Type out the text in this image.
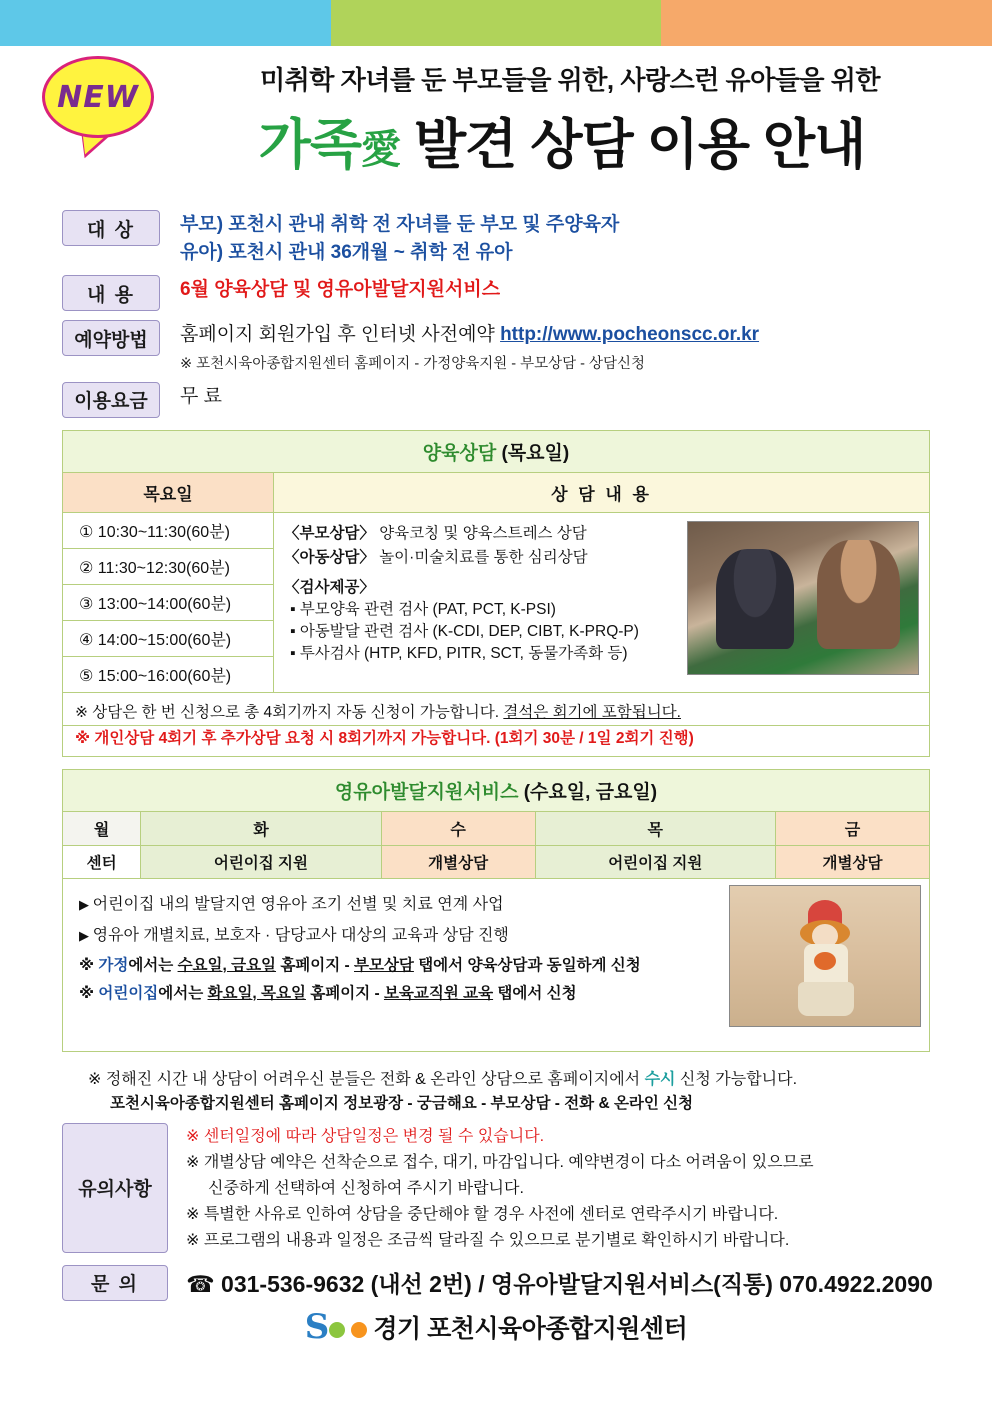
NEW	미취학 자녀를 둔 부모들을 위한, 사랑스런 유아들을 위한
가족愛 발견 상담 이용 안내
대 상	부모) 포천시 관내 취학 전 자녀를 둔 부모 및 주양육자
유아) 포천시 관내 36개월 ~ 취학 전 유아
내 용	6월 양육상담 및 영유아발달지원서비스
예약방법	홈페이지 회원가입 후 인터넷 사전예약 http://www.pocheonscc.or.kr
※ 포천시육아종합지원센터 홈페이지 - 가정양육지원 - 부모상담 - 상담신청
이용요금	무 료
양육상담 (목요일)	
목요일	상 담 내 용
① 10:30~11:30(60분)	〈부모상담〉 양육코칭 및 양육스트레스 상담
〈아동상담〉 놀이·미술치료를 통한 심리상담
〈검사제공〉
▪ 부모양육 관련 검사 (PAT, PCT, K-PSI)
▪ 아동발달 관련 검사 (K-CDI, DEP, CIBT, K-PRQ-P)
▪ 투사검사 (HTP, KFD, PITR, SCT, 동물가족화 등)

② 11:30~12:30(60분)	
③ 13:00~14:00(60분)	
④ 14:00~15:00(60분)	
⑤ 15:00~16:00(60분)	
※ 상담은 한 번 신청으로 총 4회기까지 자동 신청이 가능합니다. 결석은 회기에 포함됩니다.	
※ 개인상담 4회기 후 추가상담 요청 시 8회기까지 가능합니다. (1회기 30분 / 1일 2회기 진행)	
영유아발달지원서비스 (수요일, 금요일)				
월	화	수	목	금
센터	어린이집 지원	개별상담	어린이집 지원	개별상담

▶ 어린이집 내의 발달지연 영유아 조기 선별 및 치료 연계 사업
▶ 영유아 개별치료, 보호자 · 담당교사 대상의 교육과 상담 진행
※ 가정에서는 수요일, 금요일 홈페이지 - 부모상담 탭에서 양육상담과 동일하게 신청
※ 어린이집에서는 화요일, 목요일 홈페이지 - 보육교직원 교육 탭에서 신청
※ 정해진 시간 내 상담이 어려우신 분들은 전화 & 온라인 상담으로 홈페이지에서 수시 신청 가능합니다.
포천시육아종합지원센터 홈페이지 정보광장 - 궁금해요 - 부모상담 - 전화 & 온라인 신청
유의사항
※ 센터일정에 따라 상담일정은 변경 될 수 있습니다.
※ 개별상담 예약은 선착순으로 접수, 대기, 마감입니다. 예약변경이 다소 어려움이 있으므로
신중하게 선택하여 신청하여 주시기 바랍니다.
※ 특별한 사유로 인하여 상담을 중단해야 할 경우 사전에 센터로 연락주시기 바랍니다.
※ 프로그램의 내용과 일정은 조금씩 달라질 수 있으므로 분기별로 확인하시기 바랍니다.
문 의	☎ 031-536-9632 (내선 2번) / 영유아발달지원서비스(직통) 070.4922.2090
S	경기 포천시육아종합지원센터
